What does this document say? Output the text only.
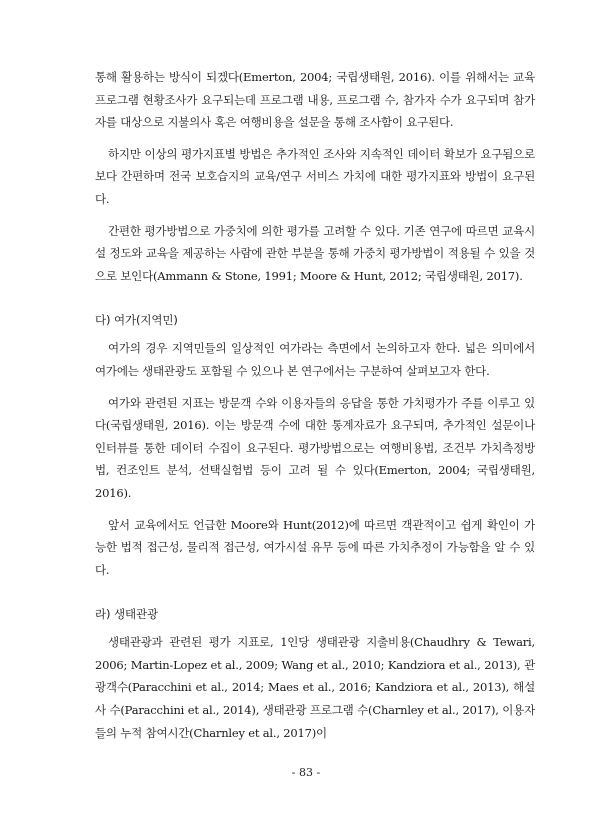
통해 활용하는 방식이 되겠다(Emerton, 2004; 국립생태원, 2016). 이를 위해서는 교육프로그램 현황조사가 요구되는데 프로그램 내용, 프로그램 수, 참가자 수가 요구되며 참가자를 대상으로 지불의사 혹은 여행비용을 설문을 통해 조사함이 요구된다.

하지만 이상의 평가지표별 방법은 추가적인 조사와 지속적인 데이터 확보가 요구됨으로 보다 간편하며 전국 보호습지의 교육/연구 서비스 가치에 대한 평가지표와 방법이 요구된다.

간편한 평가방법으로 가중치에 의한 평가를 고려할 수 있다. 기존 연구에 따르면 교육시설 정도와 교육을 제공하는 사람에 관한 부분을 통해 가중치 평가방법이 적용될 수 있을 것으로 보인다(Ammann & Stone, 1991; Moore & Hunt, 2012; 국립생태원, 2017).

다) 여가(지역민)

여가의 경우 지역민들의 일상적인 여가라는 측면에서 논의하고자 한다. 넓은 의미에서 여가에는 생태관광도 포함될 수 있으나 본 연구에서는 구분하여 살펴보고자 한다.

여가와 관련된 지표는 방문객 수와 이용자들의 응답을 통한 가치평가가 주를 이루고 있다(국립생태원, 2016). 이는 방문객 수에 대한 통계자료가 요구되며, 추가적인 설문이나 인터뷰를 통한 데이터 수집이 요구된다. 평가방법으로는 여행비용법, 조건부 가치측정방법, 컨조인트 분석, 선택실험법 등이 고려 될 수 있다(Emerton, 2004; 국립생태원, 2016).

앞서 교육에서도 언급한 Moore와 Hunt(2012)에 따르면 객관적이고 쉽게 확인이 가능한 법적 접근성, 물리적 접근성, 여가시설 유무 등에 따른 가치추정이 가능함을 알 수 있다.

라) 생태관광

생태관광과 관련된 평가 지표로, 1인당 생태관광 지출비용(Chaudhry & Tewari, 2006; Martin-Lopez et al., 2009; Wang et al., 2010; Kandziora et al., 2013), 관광객수(Paracchini et al., 2014; Maes et al., 2016; Kandziora et al., 2013), 해설사 수(Paracchini et al., 2014), 생태관광 프로그램 수(Charnley et al., 2017), 이용자들의 누적 참여시간(Charnley et al., 2017)이

- 83 -
